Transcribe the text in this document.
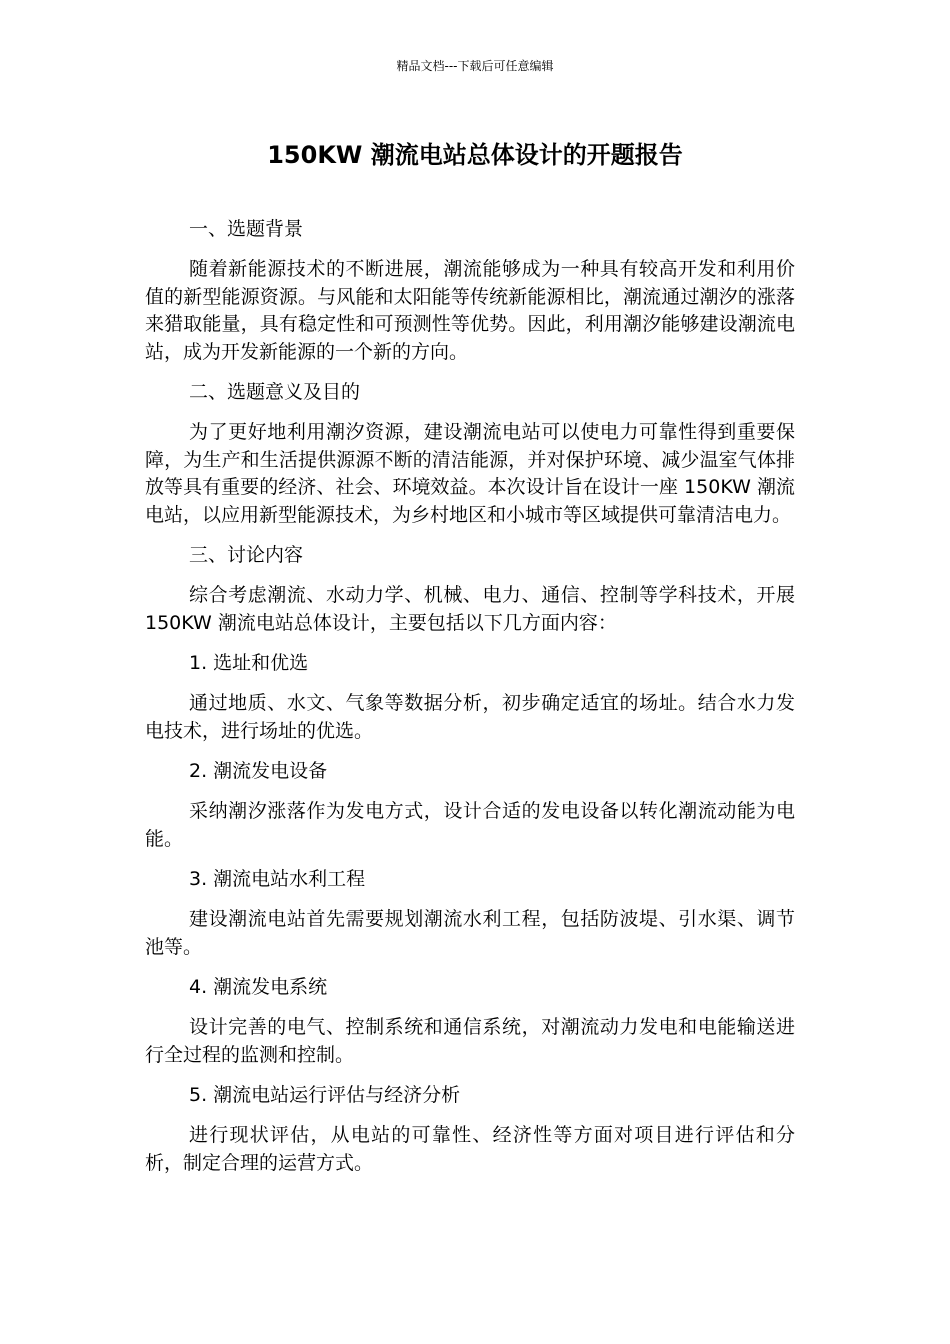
精品文档---下载后可任意编辑
150KW 潮流电站总体设计的开题报告

一、选题背景

随着新能源技术的不断进展，潮流能够成为一种具有较高开发和利用价值的新型能源资源。与风能和太阳能等传统新能源相比，潮流通过潮汐的涨落来猎取能量，具有稳定性和可预测性等优势。因此，利用潮汐能够建设潮流电站，成为开发新能源的一个新的方向。

二、选题意义及目的

为了更好地利用潮汐资源，建设潮流电站可以使电力可靠性得到重要保障，为生产和生活提供源源不断的清洁能源，并对保护环境、减少温室气体排放等具有重要的经济、社会、环境效益。本次设计旨在设计一座 150KW 潮流电站，以应用新型能源技术，为乡村地区和小城市等区域提供可靠清洁电力。

三、讨论内容

综合考虑潮流、水动力学、机械、电力、通信、控制等学科技术，开展 150KW 潮流电站总体设计，主要包括以下几方面内容：

1. 选址和优选

通过地质、水文、气象等数据分析，初步确定适宜的场址。结合水力发电技术，进行场址的优选。

2. 潮流发电设备

采纳潮汐涨落作为发电方式，设计合适的发电设备以转化潮流动能为电能。

3. 潮流电站水利工程

建设潮流电站首先需要规划潮流水利工程，包括防波堤、引水渠、调节池等。

4. 潮流发电系统

设计完善的电气、控制系统和通信系统，对潮流动力发电和电能输送进行全过程的监测和控制。

5. 潮流电站运行评估与经济分析

进行现状评估，从电站的可靠性、经济性等方面对项目进行评估和分析，制定合理的运营方式。
